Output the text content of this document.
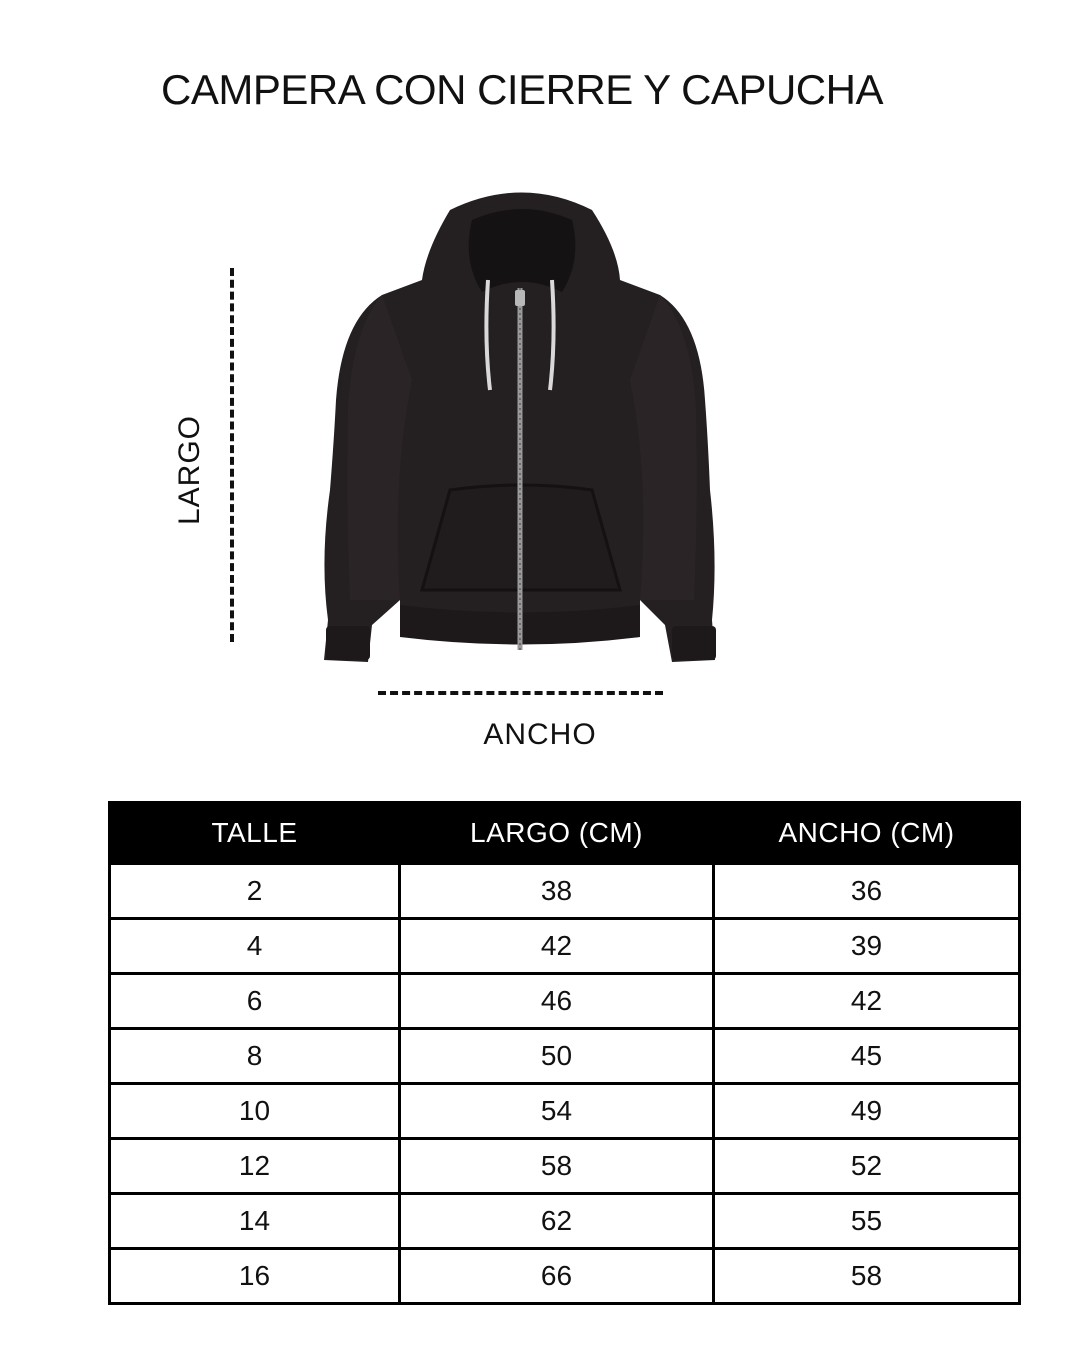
CAMPERA CON CIERRE Y CAPUCHA
LARGO
ANCHO
TALLE	LARGO (CM)	ANCHO (CM)
2	38	36
4	42	39
6	46	42
8	50	45
10	54	49
12	58	52
14	62	55
16	66	58
